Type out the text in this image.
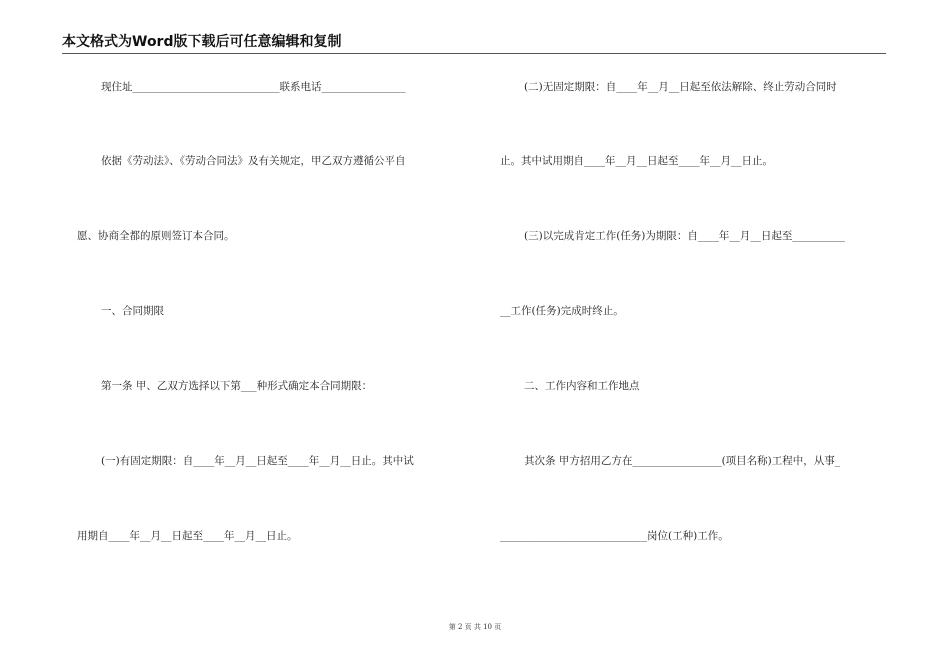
本文格式为Word版下载后可任意编辑和复制
现住址____________________________联系电话________________
依据《劳动法》、《劳动合同法》及有关规定，甲乙双方遵循公平自
愿、协商全都的原则签订本合同。
一、合同期限
第一条 甲、乙双方选择以下第___种形式确定本合同期限：
(一)有固定期限：自____年__月__日起至____年__月__日止。其中试
用期自____年__月__日起至____年__月__日止。
(二)无固定期限：自____年__月__日起至依法解除、终止劳动合同时
止。其中试用期自____年__月__日起至____年__月__日止。
(三)以完成肯定工作(任务)为期限：自____年__月__日起至__________
__工作(任务)完成时终止。
二、工作内容和工作地点
其次条 甲方招用乙方在_________________(项目名称)工程中，从事_
____________________________岗位(工种)工作。
第 2 页 共 10 页
